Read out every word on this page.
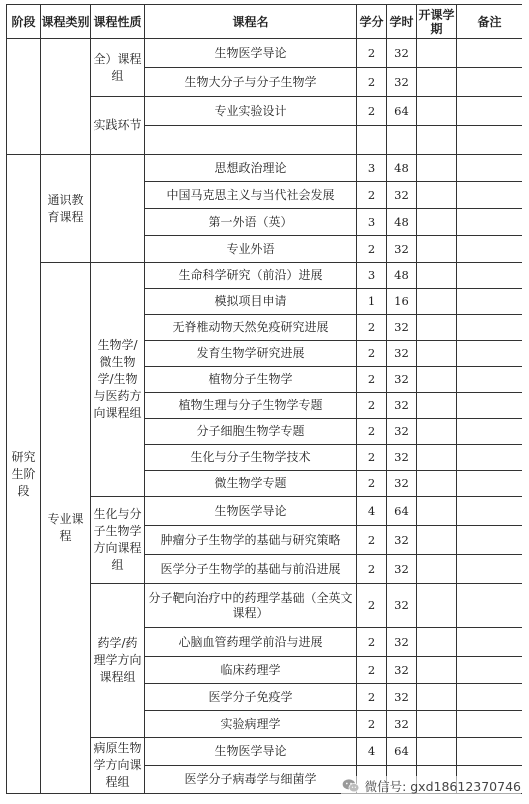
阶段	课程类别	课程性质	课程名	学分	学时	开课学期	备注
		全）课程组	生物医学导论	2	32		
			生物大分子与分子生物学	2	32		
		实践环节	专业实验设计	2	64		

研究生阶段	通识教育课程		思想政治理论	3	48		
			中国马克思主义与当代社会发展	2	32		
			第一外语（英）	3	48		
			专业外语	2	32		
	专业课程	生物学/微生物学/生物与医药方向课程组	生命科学研究（前沿）进展	3	48		
			模拟项目申请	1	16		
			无脊椎动物天然免疫研究进展	2	32		
			发育生物学研究进展	2	32		
			植物分子生物学	2	32		
			植物生理与分子生物学专题	2	32		
			分子细胞生物学专题	2	32		
			生化与分子生物学技术	2	32		
			微生物学专题	2	32		
		生化与分子生物学方向课程组	生物医学导论	4	64		
			肿瘤分子生物学的基础与研究策略	2	32		
			医学分子生物学的基础与前沿进展	2	32		
		药学/药理学方向课程组	分子靶向治疗中的药理学基础（全英文课程）	2	32		
			心脑血管药理学前沿与进展	2	32		
			临床药理学	2	32		
			医学分子免疫学	2	32		
			实验病理学	2	32		
		病原生物学方向课程组	生物医学导论	4	64		
			医学分子病毒学与细菌学					微信号: gxd18612370746
